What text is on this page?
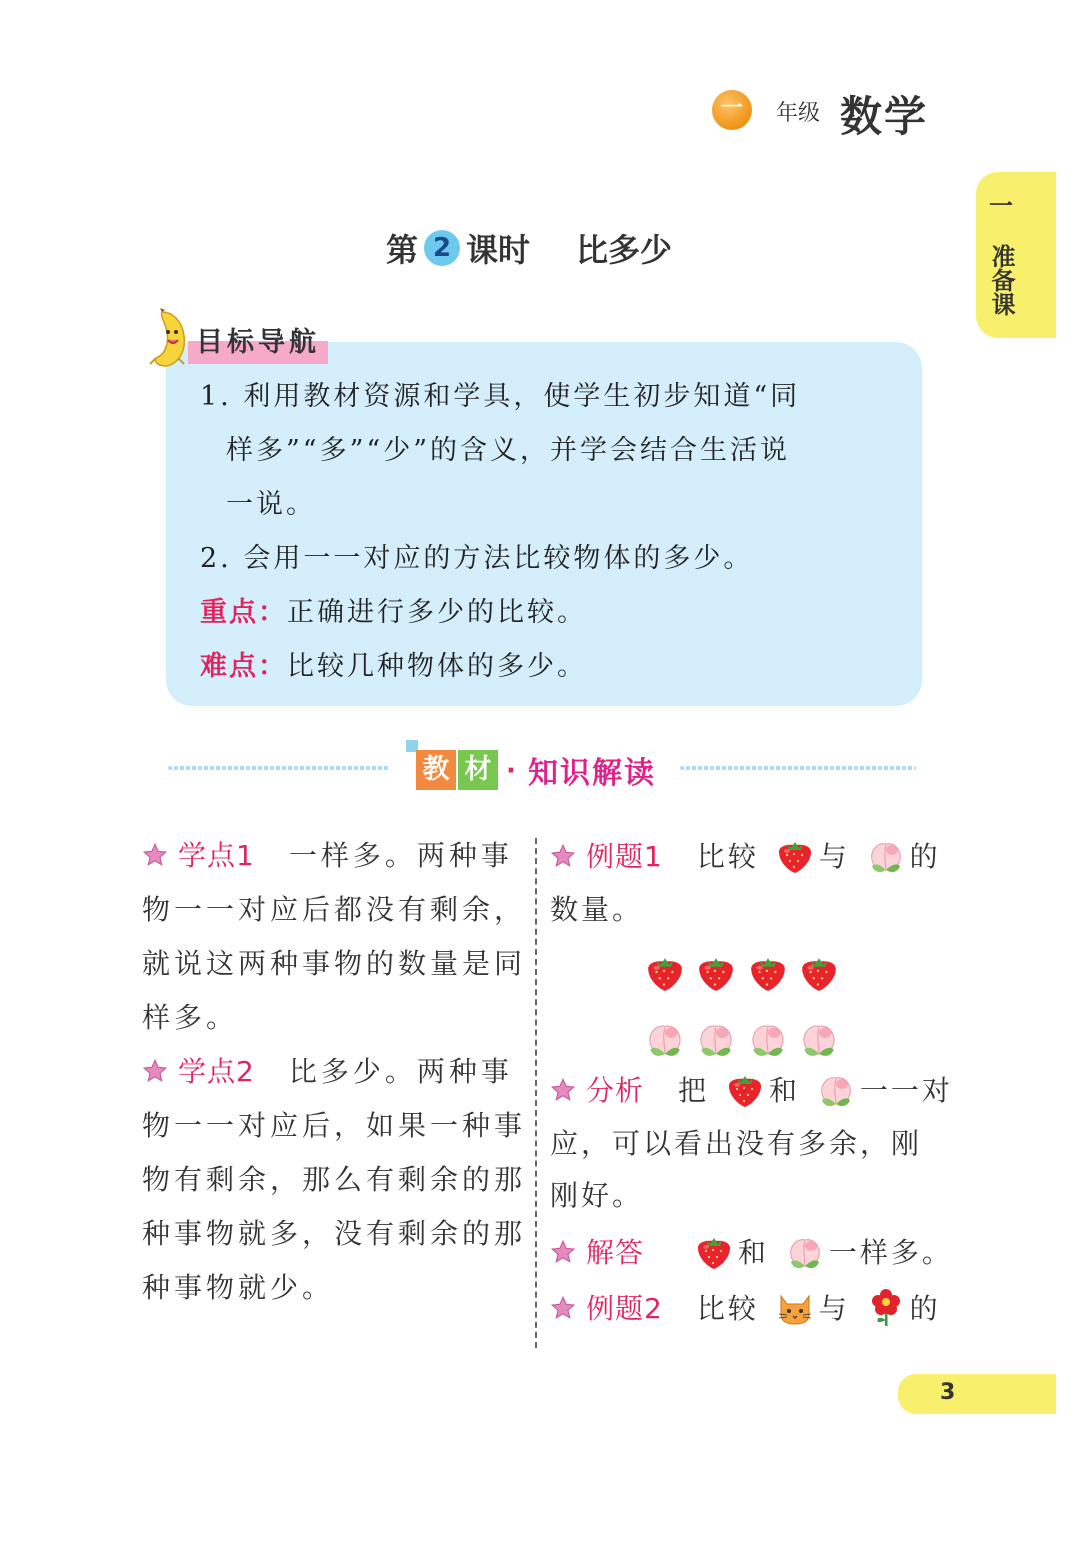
一	年级 数学
一
准备课
第 2 课时 比多少
目标导航
1. 利用教材资源和学具，使学生初步知道“同
样多”“多”“少”的含义，并学会结合生活说
一说。
2. 会用一一对应的方法比较物体的多少。
重点：正确进行多少的比较。
难点：比较几种物体的多少。
教 材 · 知识解读
学点1 一样多。两种事
物一一对应后都没有剩余，
就说这两种事物的数量是同
样多。
学点2 比多少。两种事
物一一对应后，如果一种事
物有剩余，那么有剩余的那
种事物就多，没有剩余的那
种事物就少。
例题1 比较 与 的
数量。
分析 把 和 一一对
应，可以看出没有多余，刚
刚好。
解答	和 一样多。
例题2 比较 与 的
3
